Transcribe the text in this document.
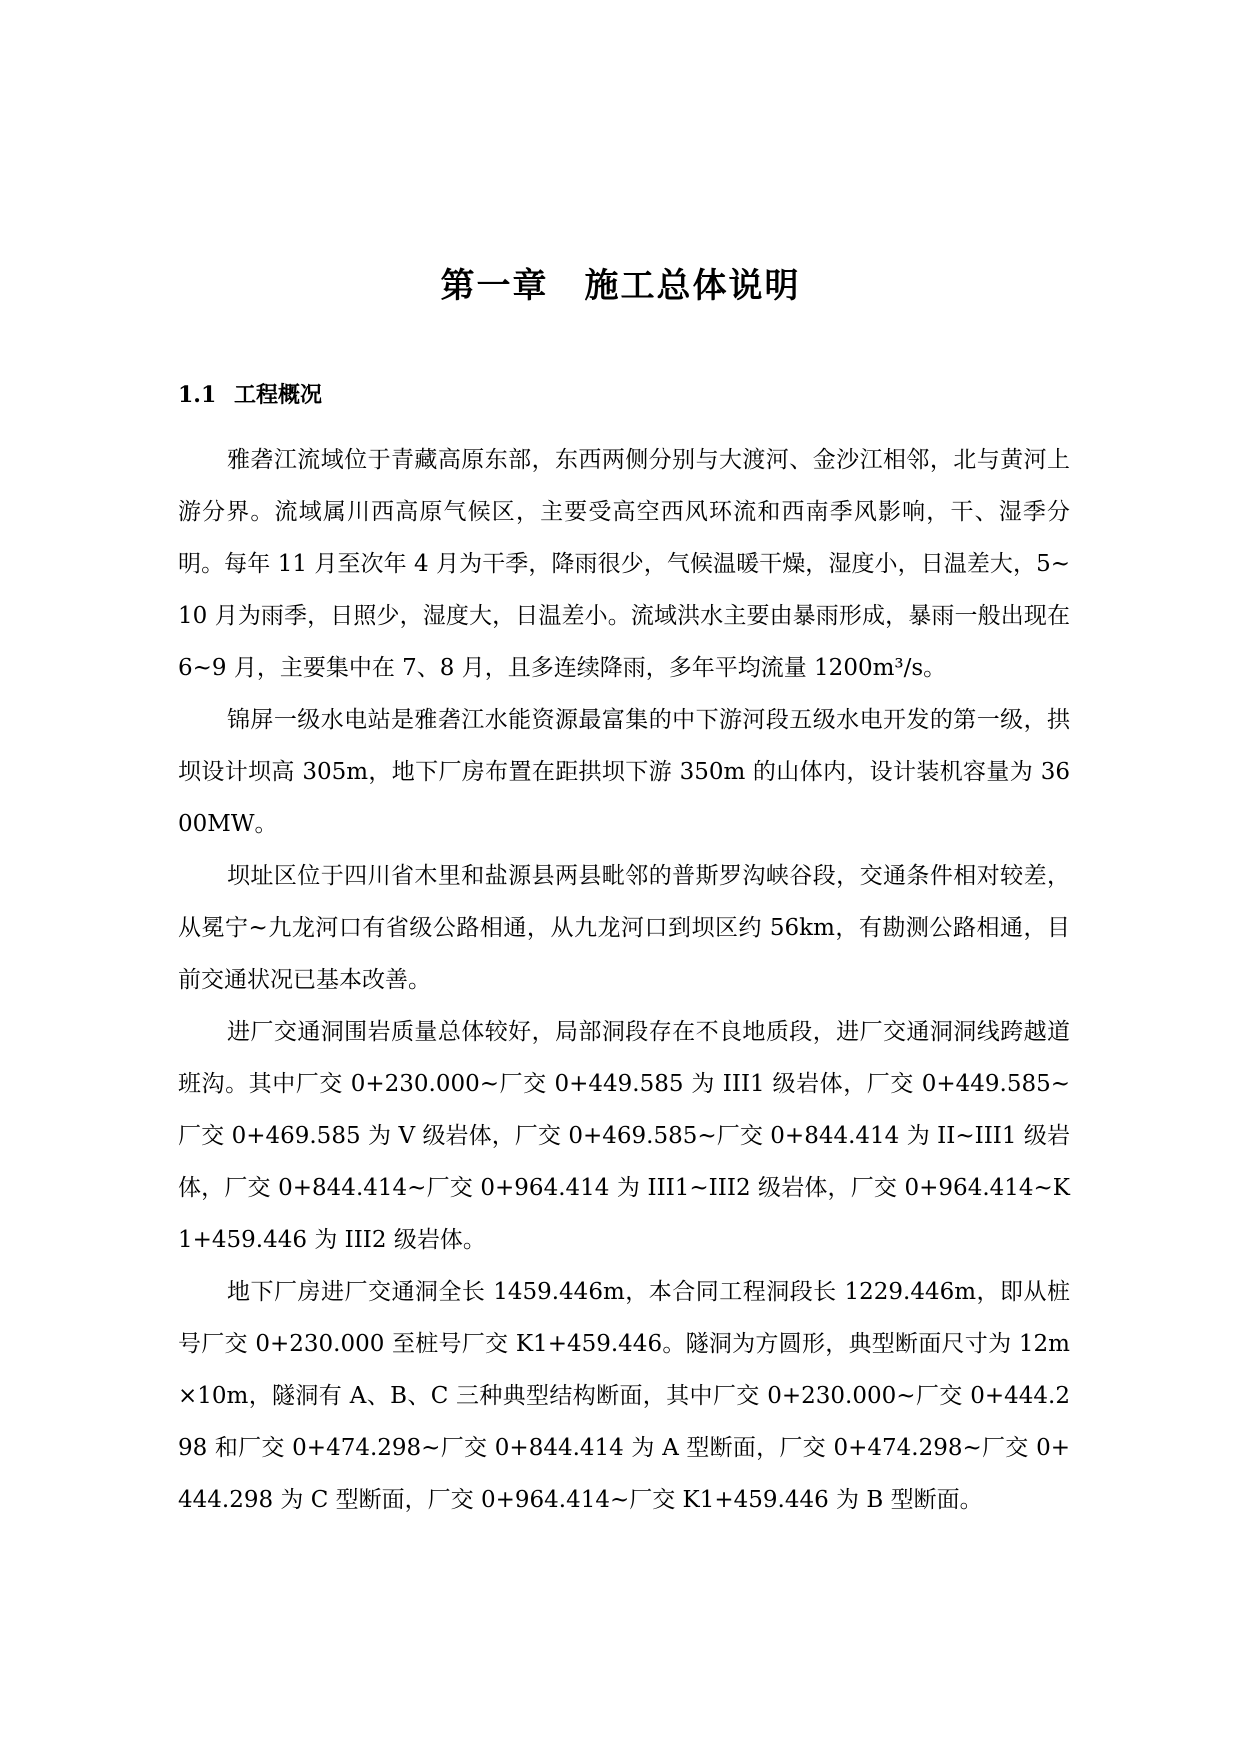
第一章　施工总体说明
1.1 工程概况

雅砻江流域位于青藏高原东部，东西两侧分别与大渡河、金沙江相邻，北与黄河上游分界。流域属川西高原气候区，主要受高空西风环流和西南季风影响，干、湿季分明。每年 11 月至次年 4 月为干季，降雨很少，气候温暖干燥，湿度小，日温差大，5~10 月为雨季，日照少，湿度大，日温差小。流域洪水主要由暴雨形成，暴雨一般出现在 6~9 月，主要集中在 7、8 月，且多连续降雨，多年平均流量 1200m³/s。

锦屏一级水电站是雅砻江水能资源最富集的中下游河段五级水电开发的第一级，拱坝设计坝高 305m，地下厂房布置在距拱坝下游 350m 的山体内，设计装机容量为 3600MW。

坝址区位于四川省木里和盐源县两县毗邻的普斯罗沟峡谷段，交通条件相对较差，从冕宁~九龙河口有省级公路相通，从九龙河口到坝区约 56km，有勘测公路相通，目前交通状况已基本改善。

进厂交通洞围岩质量总体较好，局部洞段存在不良地质段，进厂交通洞洞线跨越道班沟。其中厂交 0+230.000~厂交 0+449.585 为 III1 级岩体，厂交 0+449.585~厂交 0+469.585 为 V 级岩体，厂交 0+469.585~厂交 0+844.414 为 II~III1 级岩体，厂交 0+844.414~厂交 0+964.414 为 III1~III2 级岩体，厂交 0+964.414~K1+459.446 为 III2 级岩体。

地下厂房进厂交通洞全长 1459.446m，本合同工程洞段长 1229.446m，即从桩号厂交 0+230.000 至桩号厂交 K1+459.446。隧洞为方圆形，典型断面尺寸为 12m×10m，隧洞有 A、B、C 三种典型结构断面，其中厂交 0+230.000~厂交 0+444.298 和厂交 0+474.298~厂交 0+844.414 为 A 型断面，厂交 0+474.298~厂交 0+444.298 为 C 型断面，厂交 0+964.414~厂交 K1+459.446 为 B 型断面。
